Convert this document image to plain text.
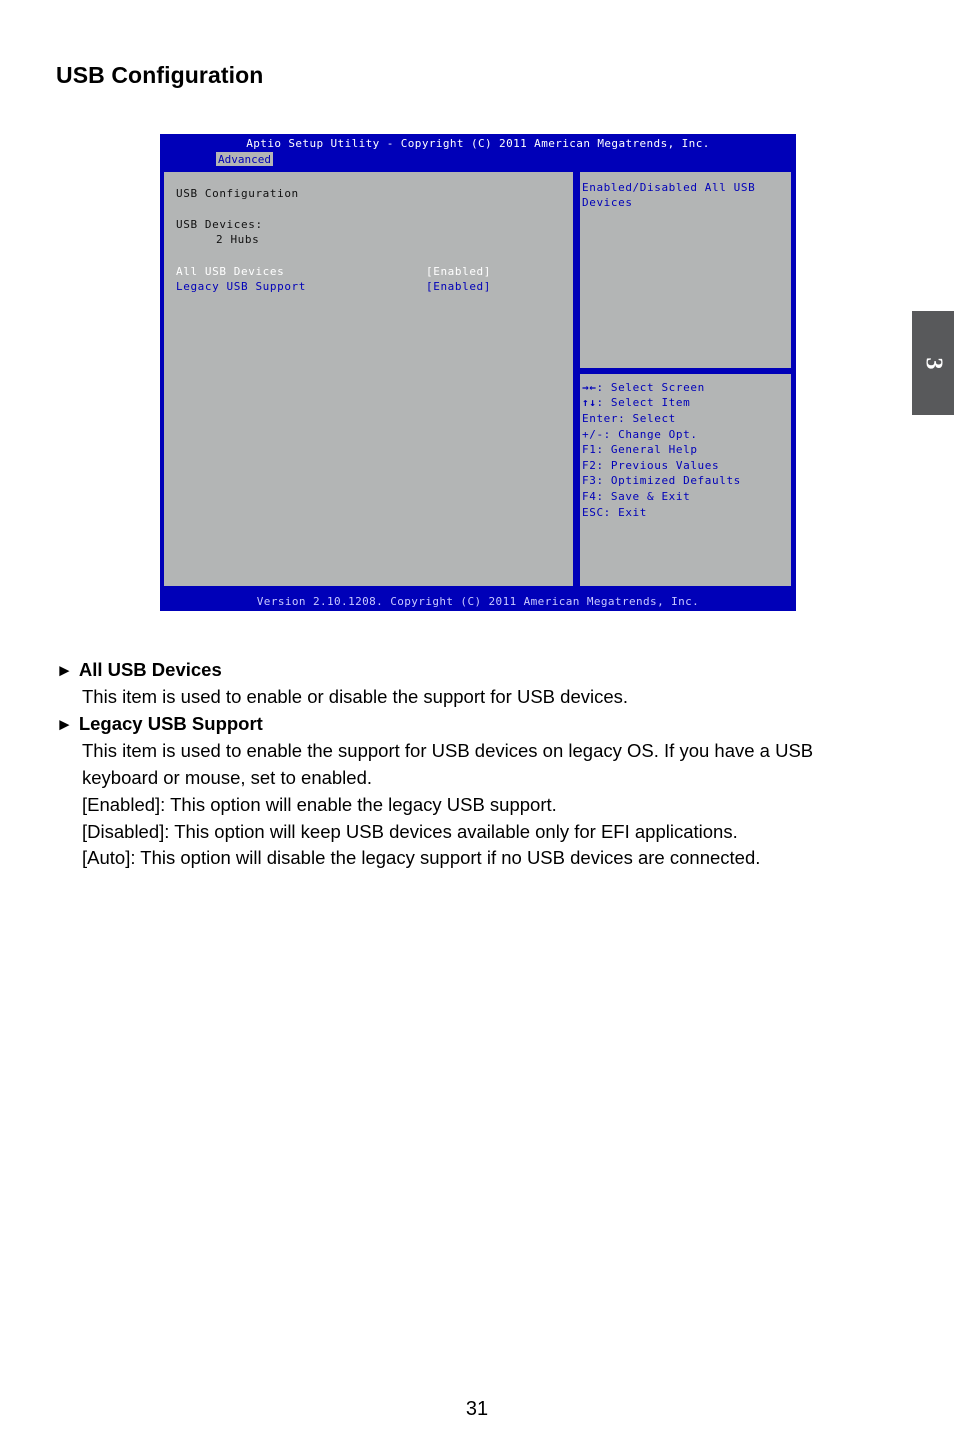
USB Configuration
3
Aptio Setup Utility - Copyright (C) 2011 American Megatrends, Inc.
Advanced
USB Configuration
USB Devices:
2 Hubs
All USB Devices	[Enabled]
Legacy USB Support	[Enabled]
Enabled/Disabled All USB
Devices
→←: Select Screen
↑↓: Select Item
Enter: Select
+/-: Change Opt.
F1: General Help
F2: Previous Values
F3: Optimized Defaults
F4: Save & Exit
ESC: Exit
Version 2.10.1208. Copyright (C) 2011 American Megatrends, Inc.
► All USB Devices
This item is used to enable or disable the support for USB devices.
► Legacy USB Support
This item is used to enable the support for USB devices on legacy OS. If you have a USB
keyboard or mouse, set to enabled.
[Enabled]: This option will enable the legacy USB support.
[Disabled]: This option will keep USB devices available only for EFI applications.
[Auto]: This option will disable the legacy support if no USB devices are connected.
31
